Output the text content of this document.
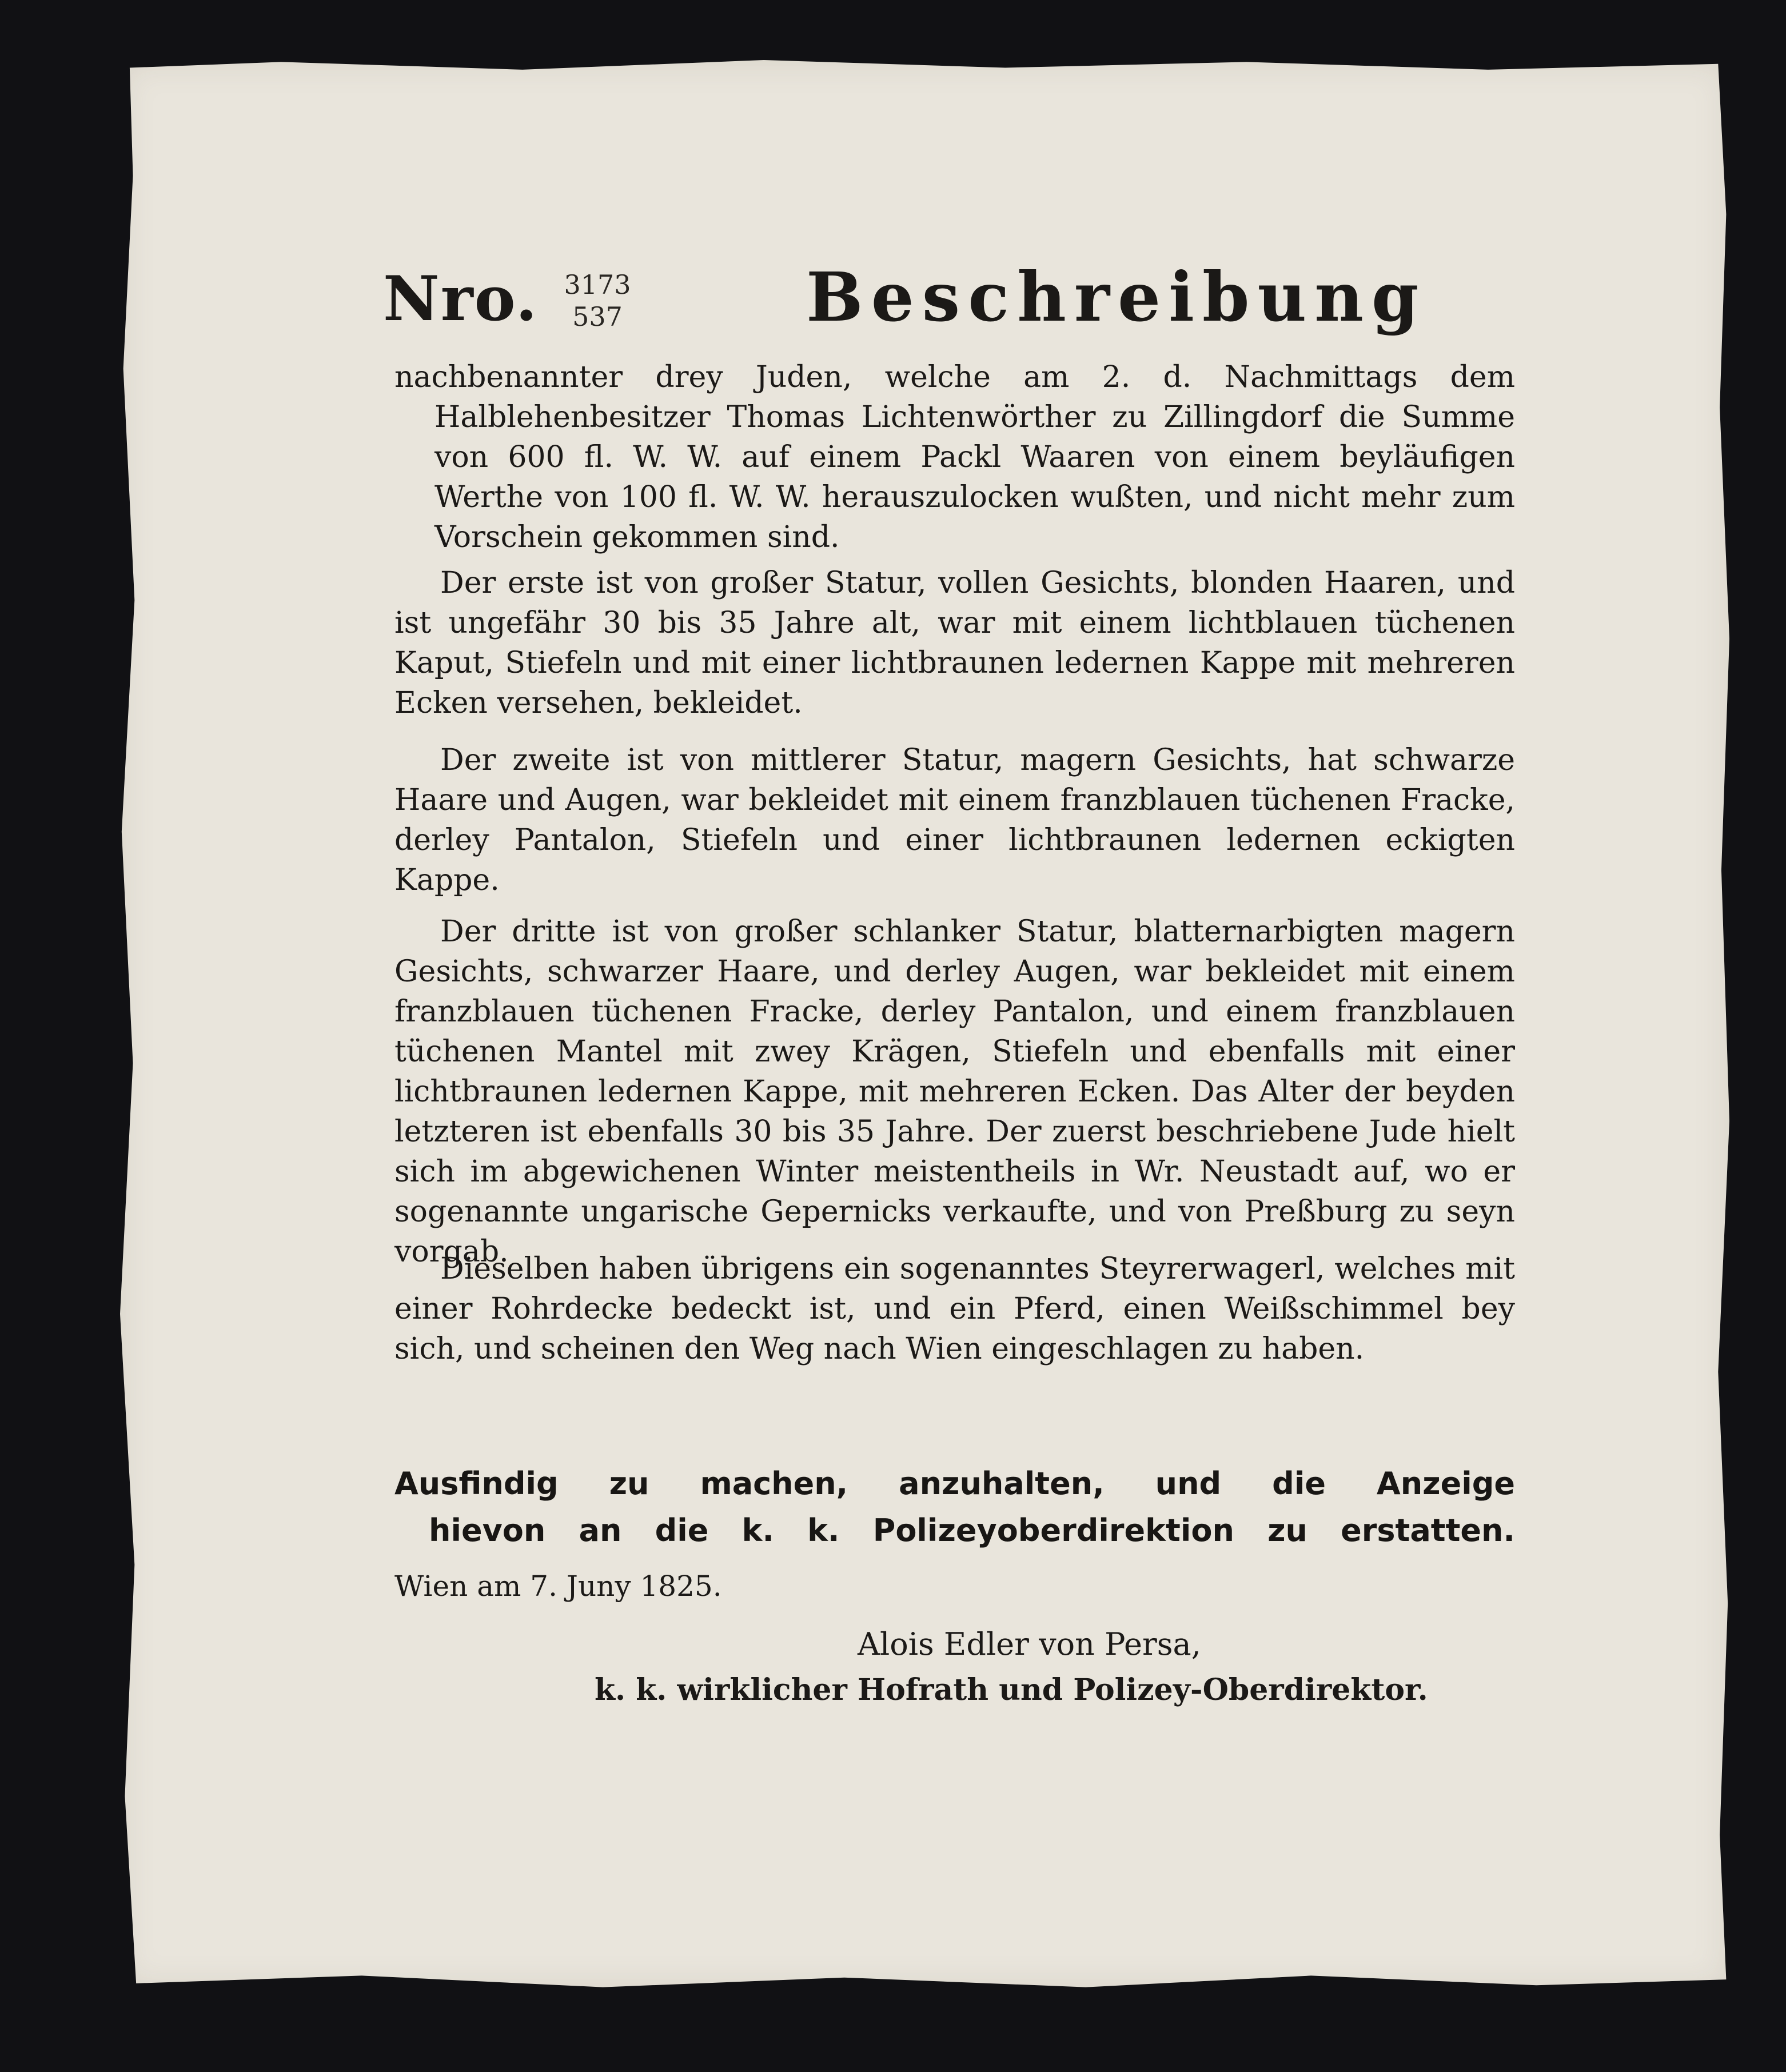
Nro. 3173
537	Beschreibung
nachbenannter drey Juden, welche am 2. d. Nachmittags dem Halblehenbesitzer Thomas Lichtenwörther zu Zillingdorf die Summe von 600 fl. W. W. auf einem Packl Waaren von einem beyläufigen Werthe von 100 fl. W. W. herauszulocken wußten, und nicht mehr zum Vorschein gekommen sind.
Der erste ist von großer Statur, vollen Gesichts, blonden Haaren, und ist ungefähr 30 bis 35 Jahre alt, war mit einem lichtblauen tüchenen Kaput, Stiefeln und mit einer lichtbraunen ledernen Kappe mit mehreren Ecken versehen, bekleidet.
Der zweite ist von mittlerer Statur, magern Gesichts, hat schwarze Haare und Augen, war bekleidet mit einem franzblauen tüchenen Fracke, derley Pantalon, Stiefeln und einer lichtbraunen ledernen eckigten Kappe.
Der dritte ist von großer schlanker Statur, blatternarbigten magern Gesichts, schwarzer Haare, und derley Augen, war bekleidet mit einem franzblauen tüchenen Fracke, derley Pantalon, und einem franzblauen tüchenen Mantel mit zwey Krägen, Stiefeln und ebenfalls mit einer lichtbraunen ledernen Kappe, mit mehreren Ecken. Das Alter der beyden letzteren ist ebenfalls 30 bis 35 Jahre. Der zuerst beschriebene Jude hielt sich im abgewichenen Winter meistentheils in Wr. Neustadt auf, wo er sogenannte ungarische Gepernicks verkaufte, und von Preßburg zu seyn vorgab.
Dieselben haben übrigens ein sogenanntes Steyrerwagerl, welches mit einer Rohrdecke bedeckt ist, und ein Pferd, einen Weißschimmel bey sich, und scheinen den Weg nach Wien eingeschlagen zu haben.
Ausfindig zu machen, anzuhalten, und die Anzeige
hievon an die k. k. Polizeyoberdirektion zu erstatten.
Wien am 7. Juny 1825.
Alois Edler von Persa,
k. k. wirklicher Hofrath und Polizey-Oberdirektor.
